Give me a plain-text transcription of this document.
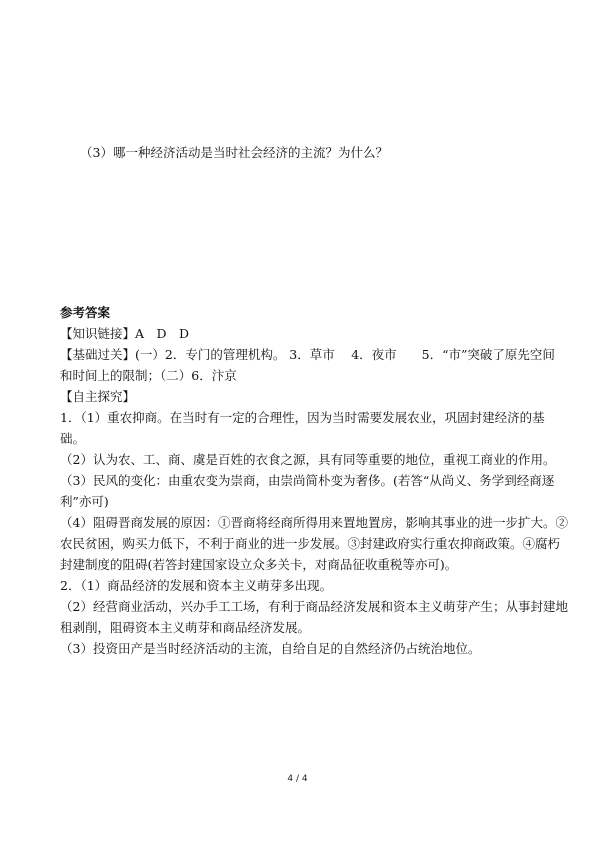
（3）哪一种经济活动是当时社会经济的主流？为什么？
参考答案
【知识链接】A　D　D
【基础过关】(一）2．专门的管理机构。 3．草市　 4．夜市　　5．“市”突破了原先空间
和时间上的限制；（二）6．汴京
【自主探究】
1．（1）重农抑商。在当时有一定的合理性，因为当时需要发展农业，巩固封建经济的基
础。
（2）认为农、工、商、虞是百姓的衣食之源，具有同等重要的地位，重视工商业的作用。
（3）民风的变化：由重农变为崇商，由崇尚简朴变为奢侈。(若答“从尚义、务学到经商逐
利”亦可)
（4）阻碍晋商发展的原因：①晋商将经商所得用来置地置房，影响其事业的进一步扩大。②
农民贫困，购买力低下，不利于商业的进一步发展。③封建政府实行重农抑商政策。④腐朽
封建制度的阻碍(若答封建国家设立众多关卡，对商品征收重税等亦可)。
2．（1）商品经济的发展和资本主义萌芽多出现。
（2）经营商业活动，兴办手工工场，有利于商品经济发展和资本主义萌芽产生；从事封建地
租剥削，阻碍资本主义萌芽和商品经济发展。
（3）投资田产是当时经济活动的主流，自给自足的自然经济仍占统治地位。
4 / 4
